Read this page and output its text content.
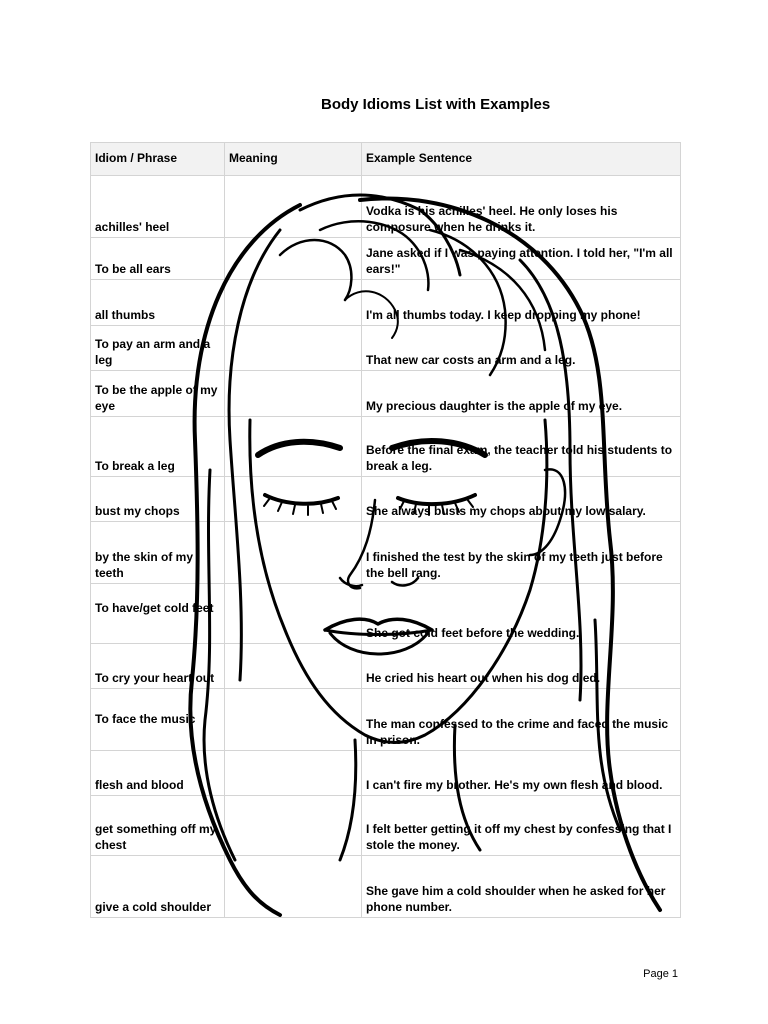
Body Idioms List with Examples
Idiom / Phrase	Meaning	Example Sentence
achilles' heel		Vodka is his achilles' heel. He only loses his composure when he drinks it.
To be all ears		Jane asked if I was paying attention. I told her, "I'm all ears!"
all thumbs		I'm all thumbs today. I keep dropping my phone!
To pay an arm and a leg		That new car costs an arm and a leg.
To be the apple of my eye		My precious daughter is the apple of my eye.
To break a leg		Before the final exam, the teacher told his students to break a leg.
bust my chops		She always busts my chops about my low salary.
by the skin of my teeth		I finished the test by the skin of my teeth just before the bell rang.
To have/get cold feet		She got cold feet before the wedding.
To cry your heart out		He cried his heart out when his dog died.
To face the music		The man confessed to the crime and faced the music in prison.
flesh and blood		I can't fire my brother. He's my own flesh and blood.
get something off my chest		I felt better getting it off my chest by confessing that I stole the money.
give a cold shoulder		She gave him a cold shoulder when he asked for her phone number.
Page 1
